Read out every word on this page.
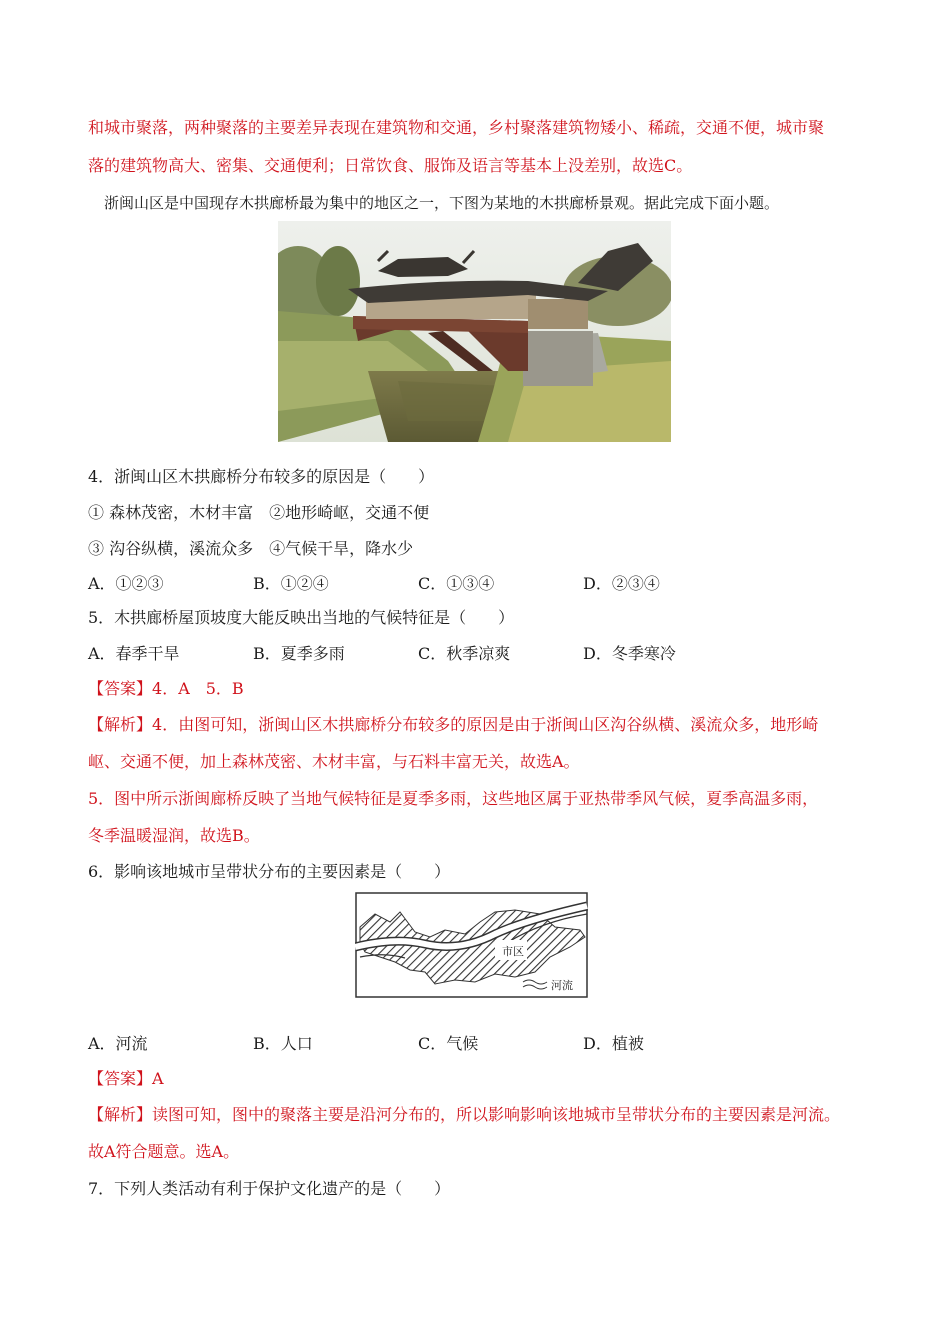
和城市聚落，两种聚落的主要差异表现在建筑物和交通，乡村聚落建筑物矮小、稀疏，交通不便，城市聚
落的建筑物高大、密集、交通便利；日常饮食、服饰及语言等基本上没差别，故选C。
浙闽山区是中国现存木拱廊桥最为集中的地区之一，下图为某地的木拱廊桥景观。据此完成下面小题。
4．浙闽山区木拱廊桥分布较多的原因是（　　）
① 森林茂密，木材丰富　②地形崎岖，交通不便
③ 沟谷纵横，溪流众多　④气候干旱，降水少
A．①②③	B．①②④	C．①③④	D．②③④
5．木拱廊桥屋顶坡度大能反映出当地的气候特征是（　　）
A．春季干旱	B．夏季多雨	C．秋季凉爽	D．冬季寒冷
【答案】4．A　5．B
【解析】4．由图可知，浙闽山区木拱廊桥分布较多的原因是由于浙闽山区沟谷纵横、溪流众多，地形崎
岖、交通不便，加上森林茂密、木材丰富，与石料丰富无关，故选A。
5．图中所示浙闽廊桥反映了当地气候特征是夏季多雨，这些地区属于亚热带季风气候，夏季高温多雨，
冬季温暖湿润，故选B。
6．影响该地城市呈带状分布的主要因素是（　　）
市区
河流
A．河流	B．人口	C．气候	D．植被
【答案】A
【解析】读图可知，图中的聚落主要是沿河分布的，所以影响影响该地城市呈带状分布的主要因素是河流。
故A符合题意。选A。
7．下列人类活动有利于保护文化遗产的是（　　）
